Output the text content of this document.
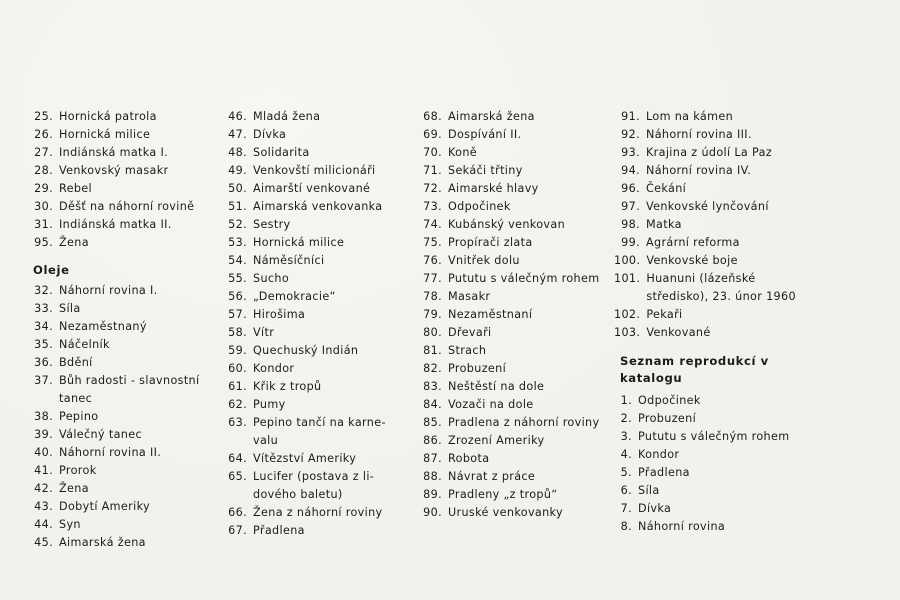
25. Hornická patrola
26. Hornická milice
27. Indiánská matka I.
28. Venkovský masakr
29. Rebel
30. Děšť na náhorní rovině
31. Indiánská matka II.
95. Žena
Oleje
32. Náhorní rovina I.
33. Síla
34. Nezaměstnaný
35. Náčelník
36. Bdění
37. Bůh radosti - slavnostní tanec
38. Pepino
39. Válečný tanec
40. Náhorní rovina II.
41. Prorok
42. Žena
43. Dobytí Ameriky
44. Syn
45. Aimarská žena
46. Mladá žena
47. Dívka
48. Solidarita
49. Venkovští milicionáři
50. Aimarští venkované
51. Aimarská venkovanka
52. Sestry
53. Hornická milice
54. Náměsíčníci
55. Sucho
56. „Demokracie“
57. Hirošima
58. Vítr
59. Quechuský Indián
60. Kondor
61. Křik z tropů
62. Pumy
63. Pepino tančí na karne-valu
64. Vítězství Ameriky
65. Lucifer (postava z li-dového baletu)
66. Žena z náhorní roviny
67. Přadlena
68. Aimarská žena
69. Dospívání II.
70. Koně
71. Sekáči třtiny
72. Aimarské hlavy
73. Odpočinek
74. Kubánský venkovan
75. Propírači zlata
76. Vnitřek dolu
77. Pututu s válečným rohem
78. Masakr
79. Nezaměstnaní
80. Dřevaři
81. Strach
82. Probuzení
83. Neštěstí na dole
84. Vozači na dole
85. Pradlena z náhorní roviny
86. Zrození Ameriky
87. Robota
88. Návrat z práce
89. Pradleny „z tropů“
90. Uruské venkovanky
91. Lom na kámen
92. Náhorní rovina III.
93. Krajina z údolí La Paz
94. Náhorní rovina IV.
96. Čekání
97. Venkovské lynčování
98. Matka
99. Agrární reforma
100. Venkovské boje
101. Huanuni (lázeňské středisko), 23. únor 1960
102. Pekaři
103. Venkované
Seznam reprodukcí v katalogu
1. Odpočinek
2. Probuzení
3. Pututu s válečným rohem
4. Kondor
5. Přadlena
6. Síla
7. Dívka
8. Náhorní rovina
